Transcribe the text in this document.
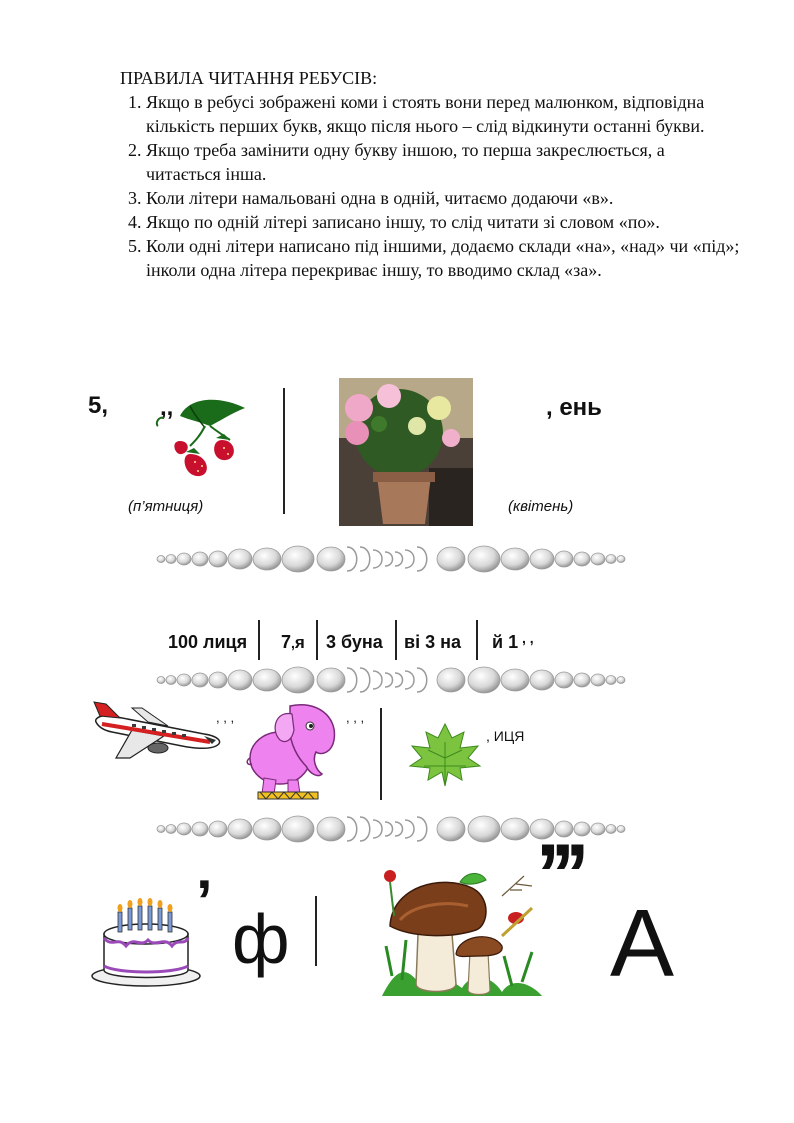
ПРАВИЛА ЧИТАННЯ РЕБУСІВ:
1. Якщо в ребусі зображені коми і стоять вони перед малюнком, відповідна кількість перших букв, якщо після нього – слід відкинути останні букви.
2. Якщо треба замінити одну букву іншою, то перша закреслюється, а читається інша.
3. Коли літери намальовані одна в одній, читаємо додаючи «в».
4. Якщо по одній літері записано іншу, то слід читати зі словом «по».
5. Коли одні літери написано під іншими, додаємо склади «на», «над» чи «під»; інколи одна літера перекриває іншу, то вводимо склад «за».
5, ,,
(п’ятниця)
, ень
(квітень)
100 лиця 7,я 3 буна ві 3 на й 1 , ,
, , ,	, , ,
, ИЦЯ
’ ф
’’’
А
